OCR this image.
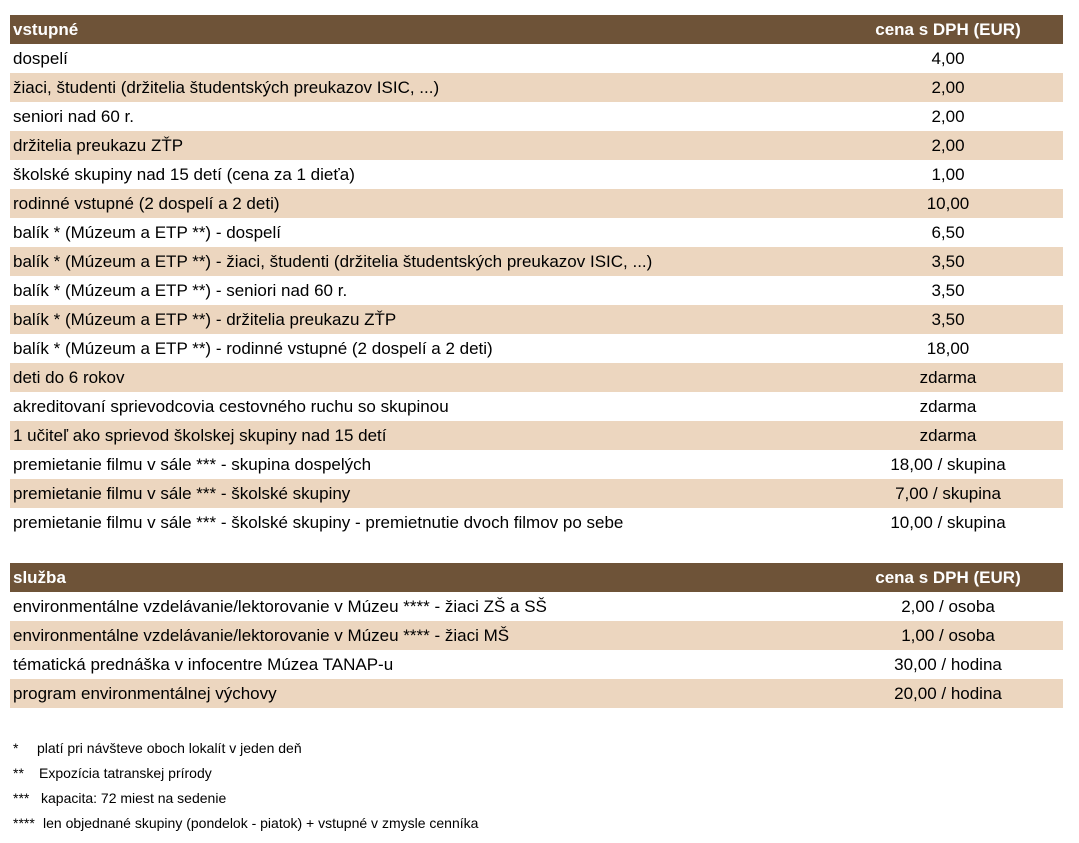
vstupné	cena s DPH (EUR)
dospelí	4,00
žiaci, študenti (držitelia študentských preukazov ISIC, ...)	2,00
seniori nad 60 r.	2,00
držitelia preukazu ZŤP	2,00
školské skupiny nad 15 detí (cena za 1 dieťa)	1,00
rodinné vstupné (2 dospelí a 2 deti)	10,00
balík * (Múzeum a ETP **) - dospelí	6,50
balík * (Múzeum a ETP **) - žiaci, študenti (držitelia študentských preukazov ISIC, ...)	3,50
balík * (Múzeum a ETP **) - seniori nad 60 r.	3,50
balík * (Múzeum a ETP **) - držitelia preukazu ZŤP	3,50
balík * (Múzeum a ETP **) - rodinné vstupné (2 dospelí a 2 deti)	18,00
deti do 6 rokov	zdarma
akreditovaní sprievodcovia cestovného ruchu so skupinou	zdarma
1 učiteľ ako sprievod školskej skupiny nad 15 detí	zdarma
premietanie filmu v sále *** - skupina dospelých	18,00 / skupina
premietanie filmu v sále *** - školské skupiny	7,00 / skupina
premietanie filmu v sále *** - školské skupiny - premietnutie dvoch filmov po sebe	10,00 / skupina
služba	cena s DPH (EUR)
environmentálne vzdelávanie/lektorovanie v Múzeu **** - žiaci ZŠ a SŠ	2,00 / osoba
environmentálne vzdelávanie/lektorovanie v Múzeu **** - žiaci MŠ	1,00 / osoba
tématická prednáška v infocentre Múzea TANAP-u	30,00 / hodina
program environmentálnej výchovy	20,00 / hodina
* platí pri návšteve oboch lokalít v jeden deň
** Expozícia tatranskej prírody
*** kapacita: 72 miest na sedenie
**** len objednané skupiny (pondelok - piatok) + vstupné v zmysle cenníka
